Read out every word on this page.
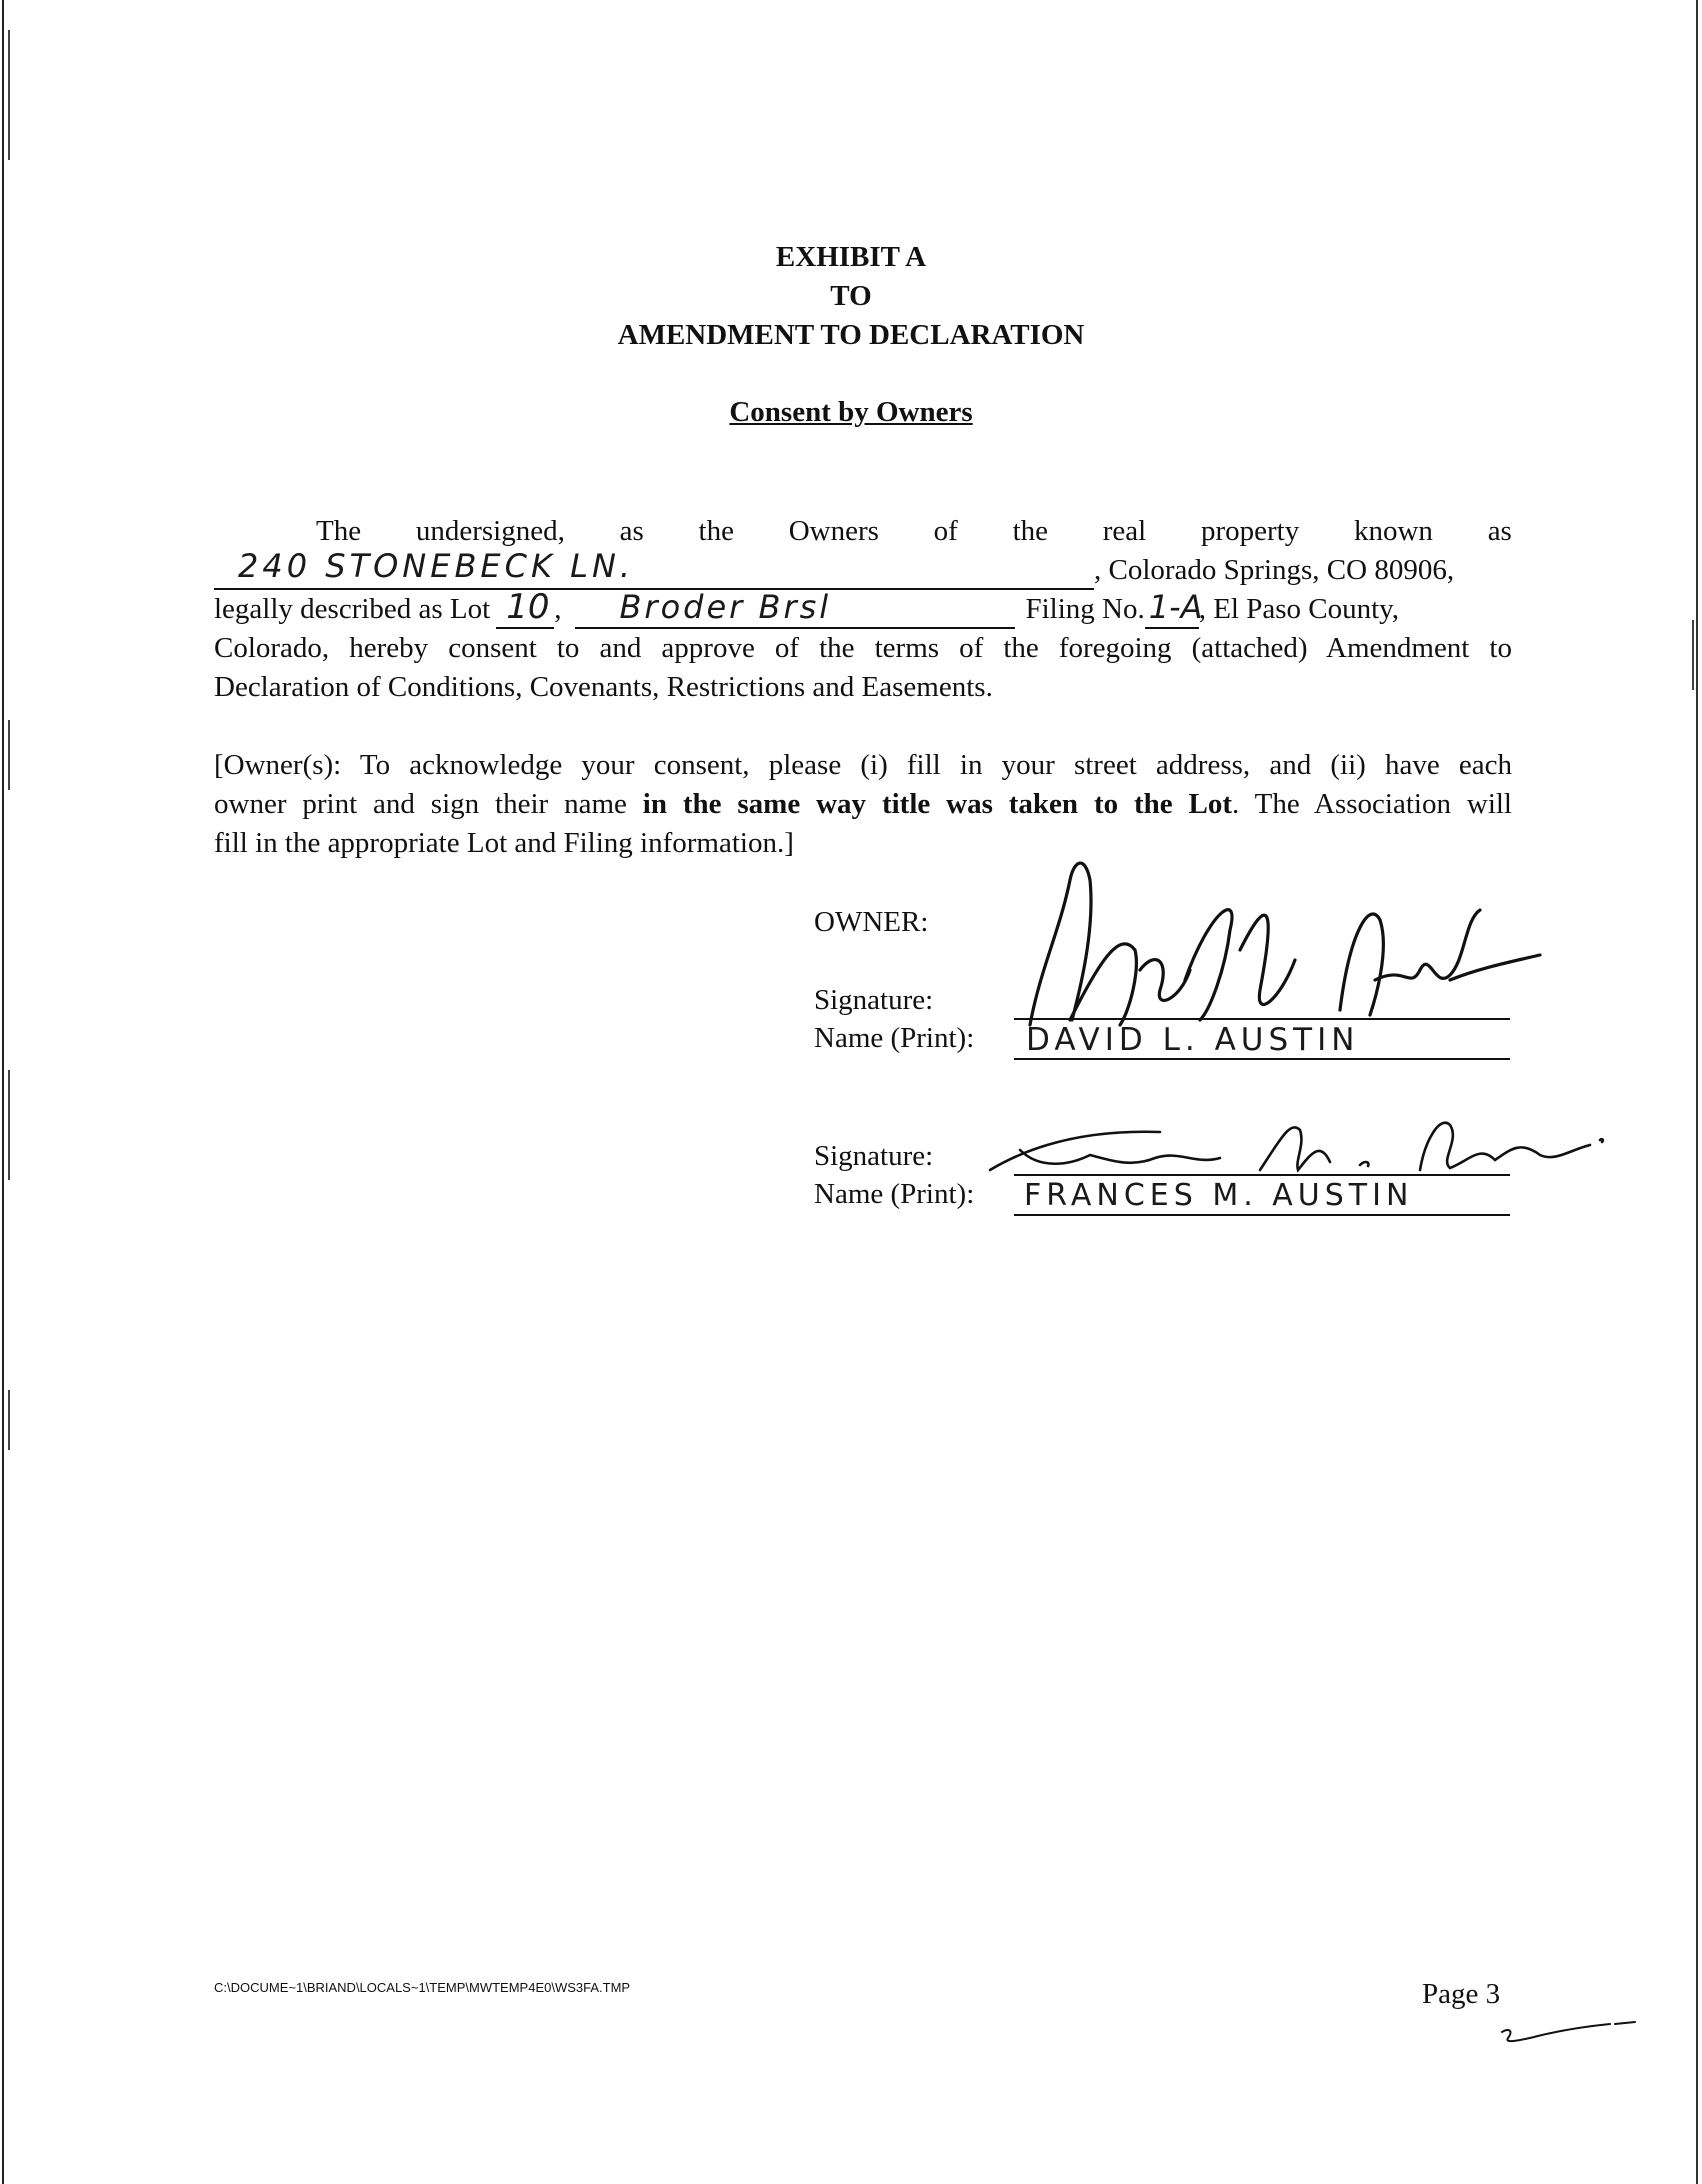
EXHIBIT A
TO
AMENDMENT TO DECLARATION
Consent by Owners
The undersigned, as the Owners of the real property known as
240 STONEBECK LN.	, Colorado Springs, CO 80906,
legally described as Lot 10 , Broder Brsl	Filing No. 1-A
, El Paso County,
Colorado, hereby consent to and approve of the terms of the foregoing (attached) Amendment to
Declaration of Conditions, Covenants, Restrictions and Easements.
[Owner(s): To acknowledge your consent, please (i) fill in your street address, and (ii) have each
owner print and sign their name in the same way title was taken to the Lot. The Association will
fill in the appropriate Lot and Filing information.]
OWNER:
Signature:
Name (Print): DAVID L. AUSTIN
Signature:
Name (Print): FRANCES M. AUSTIN
C:\DOCUME~1\BRIAND\LOCALS~1\TEMP\MWTEMP4E0\WS3FA.TMP	Page 3
